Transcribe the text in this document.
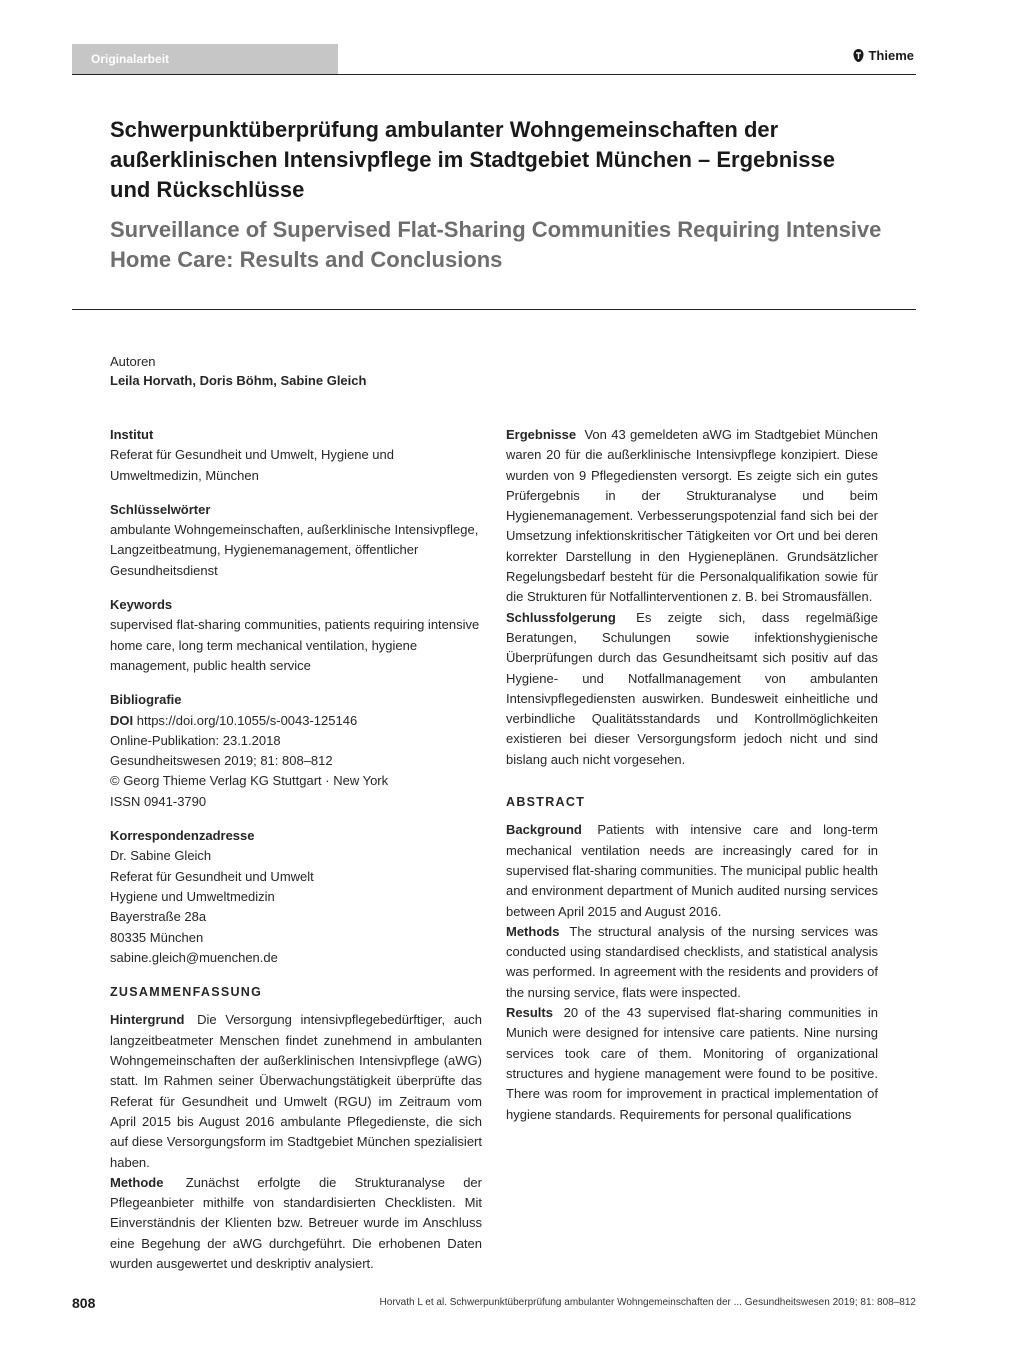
Originalarbeit	Thieme
Schwerpunktüberprüfung ambulanter Wohngemeinschaften der außerklinischen Intensivpflege im Stadtgebiet München – Ergebnisse und Rückschlüsse
Surveillance of Supervised Flat-Sharing Communities Requiring Intensive Home Care: Results and Conclusions
Autoren
Leila Horvath, Doris Böhm, Sabine Gleich
Institut
Referat für Gesundheit und Umwelt, Hygiene und Umweltmedizin, München
Schlüsselwörter
ambulante Wohngemeinschaften, außerklinische Intensivpflege, Langzeitbeatmung, Hygienemanagement, öffentlicher Gesundheitsdienst
Keywords
supervised flat-sharing communities, patients requiring intensive home care, long term mechanical ventilation, hygiene management, public health service
Bibliografie
DOI https://doi.org/10.1055/s-0043-125146
Online-Publikation: 23.1.2018
Gesundheitswesen 2019; 81: 808–812
© Georg Thieme Verlag KG Stuttgart · New York
ISSN 0941-3790
Korrespondenzadresse
Dr. Sabine Gleich
Referat für Gesundheit und Umwelt
Hygiene und Umweltmedizin
Bayerstraße 28a
80335 München
sabine.gleich@muenchen.de
ZUSAMMENFASSUNG

Hintergrund Die Versorgung intensivpflegebedürftiger, auch langzeitbeatmeter Menschen findet zunehmend in ambulanten Wohngemeinschaften der außerklinischen Intensivpflege (aWG) statt. Im Rahmen seiner Überwachungstätigkeit überprüfte das Referat für Gesundheit und Umwelt (RGU) im Zeitraum vom April 2015 bis August 2016 ambulante Pflegedienste, die sich auf diese Versorgungsform im Stadtgebiet München spezialisiert haben.

Methode Zunächst erfolgte die Strukturanalyse der Pflegeanbieter mithilfe von standardisierten Checklisten. Mit Einverständnis der Klienten bzw. Betreuer wurde im Anschluss eine Begehung der aWG durchgeführt. Die erhobenen Daten wurden ausgewertet und deskriptiv analysiert.

Ergebnisse Von 43 gemeldeten aWG im Stadtgebiet München waren 20 für die außerklinische Intensivpflege konzipiert. Diese wurden von 9 Pflegediensten versorgt. Es zeigte sich ein gutes Prüfergebnis in der Strukturanalyse und beim Hygienemanagement. Verbesserungspotenzial fand sich bei der Umsetzung infektionskritischer Tätigkeiten vor Ort und bei deren korrekter Darstellung in den Hygieneplänen. Grundsätzlicher Regelungsbedarf besteht für die Personalqualifikation sowie für die Strukturen für Notfallinterventionen z. B. bei Stromausfällen.

Schlussfolgerung Es zeigte sich, dass regelmäßige Beratungen, Schulungen sowie infektionshygienische Überprüfungen durch das Gesundheitsamt sich positiv auf das Hygiene- und Notfallmanagement von ambulanten Intensivpflegediensten auswirken. Bundesweit einheitliche und verbindliche Qualitätsstandards und Kontrollmöglichkeiten existieren bei dieser Versorgungsform jedoch nicht und sind bislang auch nicht vorgesehen.

ABSTRACT

Background Patients with intensive care and long-term mechanical ventilation needs are increasingly cared for in supervised flat-sharing communities. The municipal public health and environment department of Munich audited nursing services between April 2015 and August 2016.

Methods The structural analysis of the nursing services was conducted using standardised checklists, and statistical analysis was performed. In agreement with the residents and providers of the nursing service, flats were inspected.

Results 20 of the 43 supervised flat-sharing communities in Munich were designed for intensive care patients. Nine nursing services took care of them. Monitoring of organizational structures and hygiene management were found to be positive. There was room for improvement in practical implementation of hygiene standards. Requirements for personal qualifications

808	Horvath L et al. Schwerpunktüberprüfung ambulanter Wohngemeinschaften der ... Gesundheitswesen 2019; 81: 808–812
